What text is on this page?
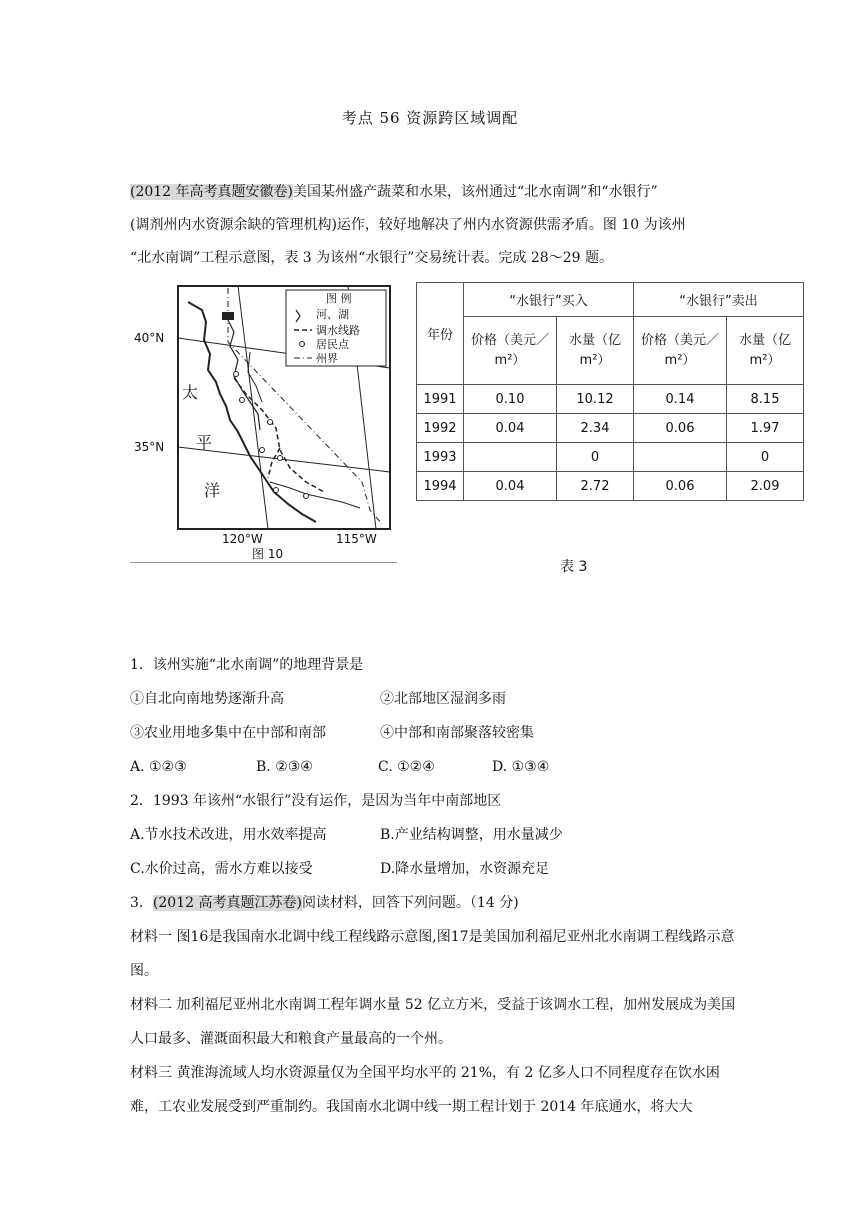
考点 56 资源跨区域调配
(2012 年高考真题安徽卷)美国某州盛产蔬菜和水果，该州通过“北水南调”和“水银行”
(调剂州内水资源余缺的管理机构)运作，较好地解决了州内水资源供需矛盾。图 10 为该州
“北水南调”工程示意图，表 3 为该州“水银行”交易统计表。完成 28～29 题。
图 例
河、湖
调水线路
居民点
州界
40°N
35°N
太
平
洋
120°W	115°W
图 10
年份	“水银行”买入		“水银行”卖出	
	价格（美元／m²）	水量（亿m²）	价格（美元／m²）	水量（亿m²）
1991	0.10	10.12	0.14	8.15
1992	0.04	2.34	0.06	1.97
1993		0		0
1994	0.04	2.72	0.06	2.09
表 3
1．该州实施“北水南调”的地理背景是
①自北向南地势逐渐升高	②北部地区湿润多雨
③农业用地多集中在中部和南部	④中部和南部聚落较密集
A. ①②③	B. ②③④	C. ①②④	D. ①③④
2．1993 年该州“水银行”没有运作，是因为当年中南部地区
A.节水技术改进，用水效率提高	B.产业结构调整，用水量减少
C.水价过高，需水方难以接受	D.降水量增加，水资源充足
3．(2012 高考真题江苏卷)阅读材料，回答下列问题。（14 分)
材料一 图16是我国南水北调中线工程线路示意图,图17是美国加利福尼亚州北水南调工程线路示意图。
材料二 加利福尼亚州北水南调工程年调水量 52 亿立方米，受益于该调水工程，加州发展成为美国人口最多、灌溉面积最大和粮食产量最高的一个州。
材料三 黄淮海流域人均水资源量仅为全国平均水平的 21%，有 2 亿多人口不同程度存在饮水困难，工农业发展受到严重制约。我国南水北调中线一期工程计划于 2014 年底通水，将大大
